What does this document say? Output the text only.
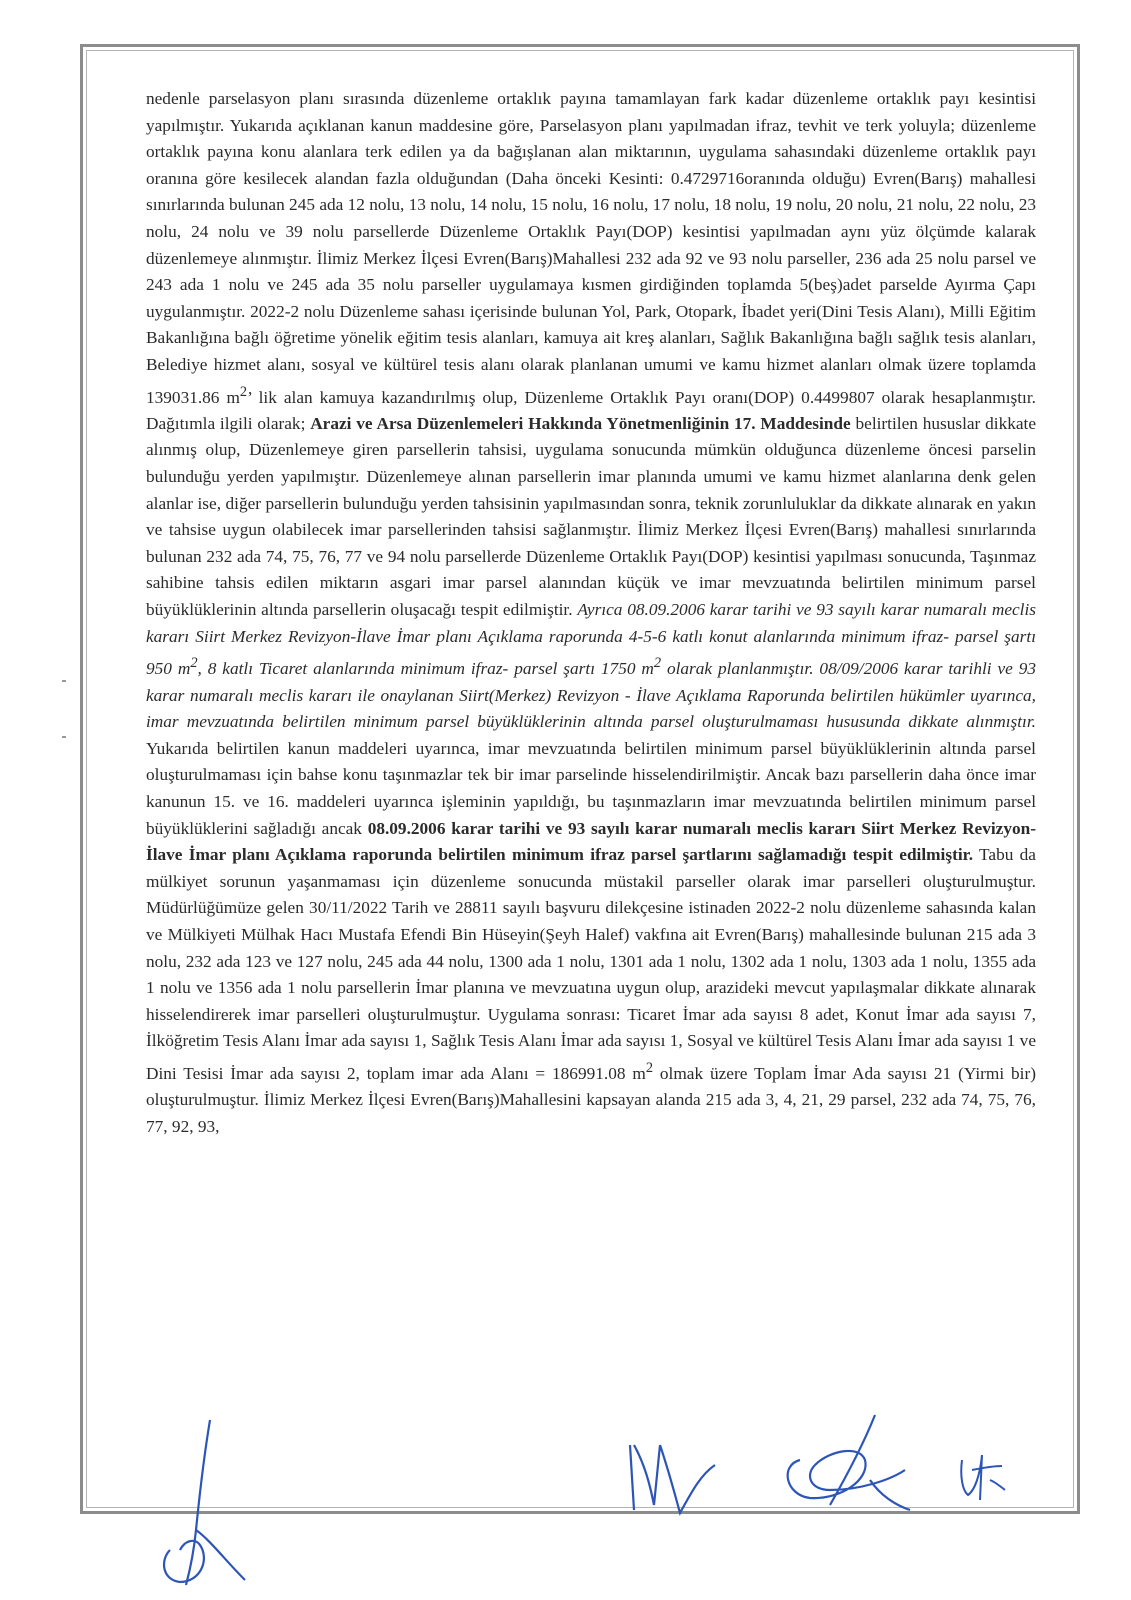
nedenle parselasyon planı sırasında düzenleme ortaklık payına tamamlayan fark kadar düzenleme ortaklık payı kesintisi yapılmıştır. Yukarıda açıklanan kanun maddesine göre, Parselasyon planı yapılmadan ifraz, tevhit ve terk yoluyla; düzenleme ortaklık payına konu alanlara terk edilen ya da bağışlanan alan miktarının, uygulama sahasındaki düzenleme ortaklık payı oranına göre kesilecek alandan fazla olduğundan (Daha önceki Kesinti: 0.4729716oranında olduğu) Evren(Barış) mahallesi sınırlarında bulunan 245 ada 12 nolu, 13 nolu, 14 nolu, 15 nolu, 16 nolu, 17 nolu, 18 nolu, 19 nolu, 20 nolu, 21 nolu, 22 nolu, 23 nolu, 24 nolu ve 39 nolu parsellerde Düzenleme Ortaklık Payı(DOP) kesintisi yapılmadan aynı yüz ölçümde kalarak düzenlemeye alınmıştır. İlimiz Merkez İlçesi Evren(Barış)Mahallesi 232 ada 92 ve 93 nolu parseller, 236 ada 25 nolu parsel ve 243 ada 1 nolu ve 245 ada 35 nolu parseller uygulamaya kısmen girdiğinden toplamda 5(beş)adet parselde Ayırma Çapı uygulanmıştır. 2022-2 nolu Düzenleme sahası içerisinde bulunan Yol, Park, Otopark, İbadet yeri(Dini Tesis Alanı), Milli Eğitim Bakanlığına bağlı öğretime yönelik eğitim tesis alanları, kamuya ait kreş alanları, Sağlık Bakanlığına bağlı sağlık tesis alanları, Belediye hizmet alanı, sosyal ve kültürel tesis alanı olarak planlanan umumi ve kamu hizmet alanları olmak üzere toplamda 139031.86 $m^2$’ lik alan kamuya kazandırılmış olup, Düzenleme Ortaklık Payı oranı(DOP) 0.4499807 olarak hesaplanmıştır. Dağıtımla ilgili olarak; Arazi ve Arsa Düzenlemeleri Hakkında Yönetmenliğinin 17. Maddesinde belirtilen hususlar dikkate alınmış olup, Düzenlemeye giren parsellerin tahsisi, uygulama sonucunda mümkün olduğunca düzenleme öncesi parselin bulunduğu yerden yapılmıştır. Düzenlemeye alınan parsellerin imar planında umumi ve kamu hizmet alanlarına denk gelen alanlar ise, diğer parsellerin bulunduğu yerden tahsisinin yapılmasından sonra, teknik zorunluluklar da dikkate alınarak en yakın ve tahsise uygun olabilecek imar parsellerinden tahsisi sağlanmıştır. İlimiz Merkez İlçesi Evren(Barış) mahallesi sınırlarında bulunan 232 ada 74, 75, 76, 77 ve 94 nolu parsellerde Düzenleme Ortaklık Payı(DOP) kesintisi yapılması sonucunda, Taşınmaz sahibine tahsis edilen miktarın asgari imar parsel alanından küçük ve imar mevzuatında belirtilen minimum parsel büyüklüklerinin altında parsellerin oluşacağı tespit edilmiştir. Ayrıca 08.09.2006 karar tarihi ve 93 sayılı karar numaralı meclis kararı Siirt Merkez Revizyon-İlave İmar planı Açıklama raporunda 4-5-6 katlı konut alanlarında minimum ifraz- parsel şartı 950 $m^2$, 8 katlı Ticaret alanlarında minimum ifraz- parsel şartı 1750 $m^2$ olarak planlanmıştır. 08/09/2006 karar tarihli ve 93 karar numaralı meclis kararı ile onaylanan Siirt(Merkez) Revizyon - İlave Açıklama Raporunda belirtilen hükümler uyarınca, imar mevzuatında belirtilen minimum parsel büyüklüklerinin altında parsel oluşturulmaması hususunda dikkate alınmıştır. Yukarıda belirtilen kanun maddeleri uyarınca, imar mevzuatında belirtilen minimum parsel büyüklüklerinin altında parsel oluşturulmaması için bahse konu taşınmazlar tek bir imar parselinde hisselendirilmiştir. Ancak bazı parsellerin daha önce imar kanunun 15. ve 16. maddeleri uyarınca işleminin yapıldığı, bu taşınmazların imar mevzuatında belirtilen minimum parsel büyüklüklerini sağladığı ancak 08.09.2006 karar tarihi ve 93 sayılı karar numaralı meclis kararı Siirt Merkez Revizyon-İlave İmar planı Açıklama raporunda belirtilen minimum ifraz parsel şartlarını sağlamadığı tespit edilmiştir. Tabu da mülkiyet sorunun yaşanmaması için düzenleme sonucunda müstakil parseller olarak imar parselleri oluşturulmuştur. Müdürlüğümüze gelen 30/11/2022 Tarih ve 28811 sayılı başvuru dilekçesine istinaden 2022-2 nolu düzenleme sahasında kalan ve Mülkiyeti Mülhak Hacı Mustafa Efendi Bin Hüseyin(Şeyh Halef) vakfına ait Evren(Barış) mahallesinde bulunan 215 ada 3 nolu, 232 ada 123 ve 127 nolu, 245 ada 44 nolu, 1300 ada 1 nolu, 1301 ada 1 nolu, 1302 ada 1 nolu, 1303 ada 1 nolu, 1355 ada 1 nolu ve 1356 ada 1 nolu parsellerin İmar planına ve mevzuatına uygun olup, arazideki mevcut yapılaşmalar dikkate alınarak hisselendirerek imar parselleri oluşturulmuştur. Uygulama sonrası: Ticaret İmar ada sayısı 8 adet, Konut İmar ada sayısı 7, İlköğretim Tesis Alanı İmar ada sayısı 1, Sağlık Tesis Alanı İmar ada sayısı 1, Sosyal ve kültürel Tesis Alanı İmar ada sayısı 1 ve Dini Tesisi İmar ada sayısı 2, toplam imar ada Alanı = 186991.08 $m^2$ olmak üzere Toplam İmar Ada sayısı 21 (Yirmi bir) oluşturulmuştur. İlimiz Merkez İlçesi Evren(Barış)Mahallesini kapsayan alanda 215 ada 3, 4, 21, 29 parsel, 232 ada 74, 75, 76, 77, 92, 93,
